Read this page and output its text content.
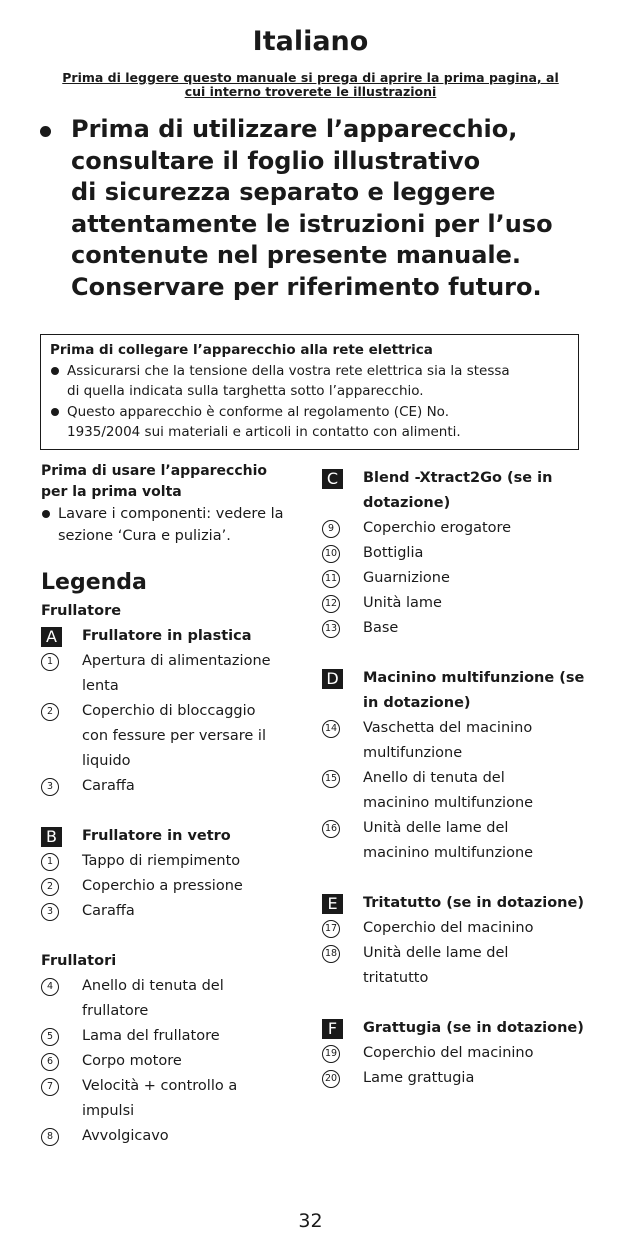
Italiano
Prima di leggere questo manuale si prega di aprire la prima pagina, al
cui interno troverete le illustrazioni
Prima di utilizzare l’apparecchio,
consultare il foglio illustrativo
di sicurezza separato e leggere
attentamente le istruzioni per l’uso
contenute nel presente manuale.
Conservare per riferimento futuro.
Prima di collegare l’apparecchio alla rete elettrica
Assicurarsi che la tensione della vostra rete elettrica sia la stessa
di quella indicata sulla targhetta sotto l’apparecchio.
Questo apparecchio è conforme al regolamento (CE) No.
1935/2004 sui materiali e articoli in contatto con alimenti.
Prima di usare l’apparecchio
per la prima volta
Lavare i componenti: vedere la
sezione ‘Cura e pulizia’.
Legenda
Frullatore
A	Frullatore in plastica
1	Apertura di alimentazione
lenta
2	Coperchio di bloccaggio
con fessure per versare il
liquido
3	Caraffa
B	Frullatore in vetro
1	Tappo di riempimento
2	Coperchio a pressione
3	Caraffa
Frullatori
4	Anello di tenuta del
frullatore
5	Lama del frullatore
6	Corpo motore
7	Velocità + controllo a
impulsi
8	Avvolgicavo
C	Blend -Xtract2Go (se in
dotazione)
9	Coperchio erogatore
10 Bottiglia
11 Guarnizione
12 Unità lame
13 Base
D Macinino multifunzione (se
in dotazione)
14 Vaschetta del macinino
multifunzione
15 Anello di tenuta del
macinino multifunzione
16 Unità delle lame del
macinino multifunzione
E	Tritatutto (se in dotazione)
17 Coperchio del macinino
18 Unità delle lame del
tritatutto
F	Grattugia (se in dotazione)
19 Coperchio del macinino
20 Lame grattugia
32
